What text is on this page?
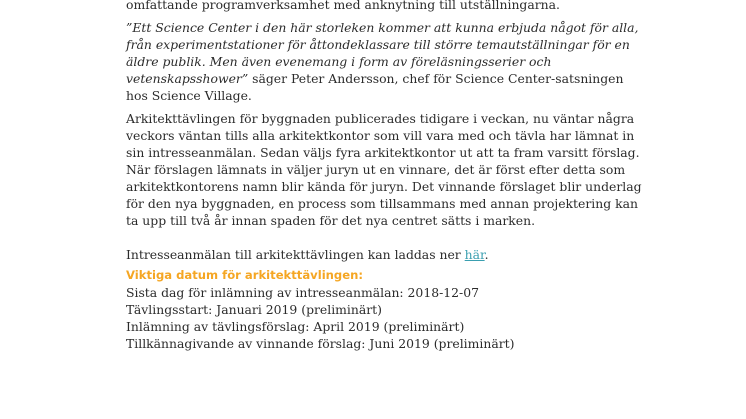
omfattande programverksamhet med anknytning till utställningarna.

”Ett Science Center i den här storleken kommer att kunna erbjuda något för alla, från experimentstationer för åttondeklassare till större temautställningar för en äldre publik. Men även evenemang i form av föreläsningsserier och vetenskapsshower” säger Peter Andersson, chef för Science Center-satsningen hos Science Village.

Arkitekttävlingen för byggnaden publicerades tidigare i veckan, nu väntar några veckors väntan tills alla arkitektkontor som vill vara med och tävla har lämnat in sin intresseanmälan. Sedan väljs fyra arkitektkontor ut att ta fram varsitt förslag. När förslagen lämnats in väljer juryn ut en vinnare, det är först efter detta som arkitektkontorens namn blir kända för juryn. Det vinnande förslaget blir underlag för den nya byggnaden, en process som tillsammans med annan projektering kan ta upp till två år innan spaden för det nya centret sätts i marken.

Intresseanmälan till arkitekttävlingen kan laddas ner här.

Viktiga datum för arkitekttävlingen:

Sista dag för inlämning av intresseanmälan: 2018-12-07

Tävlingsstart: Januari 2019 (preliminärt)

Inlämning av tävlingsförslag: April 2019 (preliminärt)

Tillkännagivande av vinnande förslag: Juni 2019 (preliminärt)
